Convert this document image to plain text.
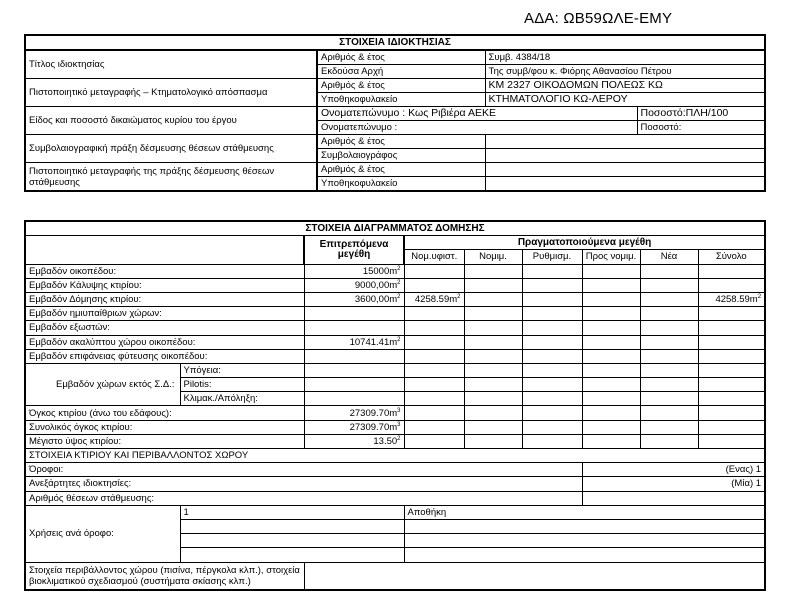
ΑΔΑ: ΩΒ59ΩΛΕ-ΕΜΥ
ΣΤΟΙΧΕΙΑ ΙΔΙΟΚΤΗΣΙΑΣ			
Τίτλος ιδιοκτησίας	Αριθμός & έτος	Συμβ. 4384/18	
	Εκδούσα Αρχή	Της συμβ/φου κ. Φιόρης Αθανασίου Πέτρου	
Πιστοποιητικό μεταγραφής – Κτηματολογικό απόσπασμα	Αριθμός & έτος	ΚΜ 2327 ΟΙΚΟΔΟΜΩΝ ΠΟΛΕΩΣ ΚΩ	
	Υποθηκοφυλακείο	ΚΤΗΜΑΤΟΛΟΓΙΟ ΚΩ-ΛΕΡΟΥ	
Είδος και ποσοστό δικαιώματος κυρίου του έργου	Ονοματεπώνυμο : Κως Ριβιέρα ΑΕΚΕ		Ποσοστό:ΠΛΗ/100
	Ονοματεπώνυμο :		Ποσοστό:
Συμβολαιογραφική πράξη δέσμευσης θέσεων στάθμευσης	Αριθμός & έτος		
	Συμβολαιογράφος		
Πιστοποιητικό μεταγραφής της πράξης δέσμευσης θέσεων στάθμευσης	Αριθμός & έτος		
	Υποθηκοφυλακείο		
ΣΤΟΙΧΕΙΑ ΔΙΑΓΡΑΜΜΑΤΟΣ ΔΟΜΗΣΗΣ								
		Επιτρεπόμενα μεγέθη	Πραγματοποιούμενα μεγέθη					
			Νομ.υφιστ.	Νομιμ.	Ρυθμισμ.	Προς νομιμ.	Νέα	Σύνολο
Εμβαδόν οικοπέδου:		$15000m^2$						
Εμβαδόν Κάλυψης κτιρίου:		$9000,00m^2$						
Εμβαδόν Δόμησης κτιρίου:		$3600,00m^2$	$4258.59m^2$					$4258.59m^2$
Εμβαδόν ημιυπαίθριων χώρων:								
Εμβαδόν εξωστών:								
Εμβαδόν ακαλύπτου χώρου οικοπέδου:		$10741.41m^2$						
Εμβαδόν επιφάνειας φύτευσης οικοπέδου:								
Εμβαδόν χώρων εκτός Σ.Δ.:	Υπόγεια:							
	Pilotis:							
	Κλιμακ./Απόληξη:							
Όγκος κτιρίου (άνω του εδάφους):		$27309.70m^3$						
Συνολικός όγκος κτιρίου:		$27309.70m^3$						
Μέγιστο ύψος κτιρίου:		13.50$^2$						
ΣΤΟΙΧΕΙΑ ΚΤΙΡΙΟΥ ΚΑΙ ΠΕΡΙΒΑΛΛΟΝΤΟΣ ΧΩΡΟΥ								
Όροφοι:						(Ενας) 1		
Ανεξάρτητες ιδιοκτησίες:						(Μία) 1		
Αριθμός θέσεων στάθμευσης:								
Χρήσεις ανά όροφο:	1		Αποθήκη					

Στοιχεία περιβάλλοντος χώρου (πισίνα, πέργκολα κλπ.), στοιχεία βιοκλιματικού σχεδιασμού (συστήματα σκίασης κλπ.)								
